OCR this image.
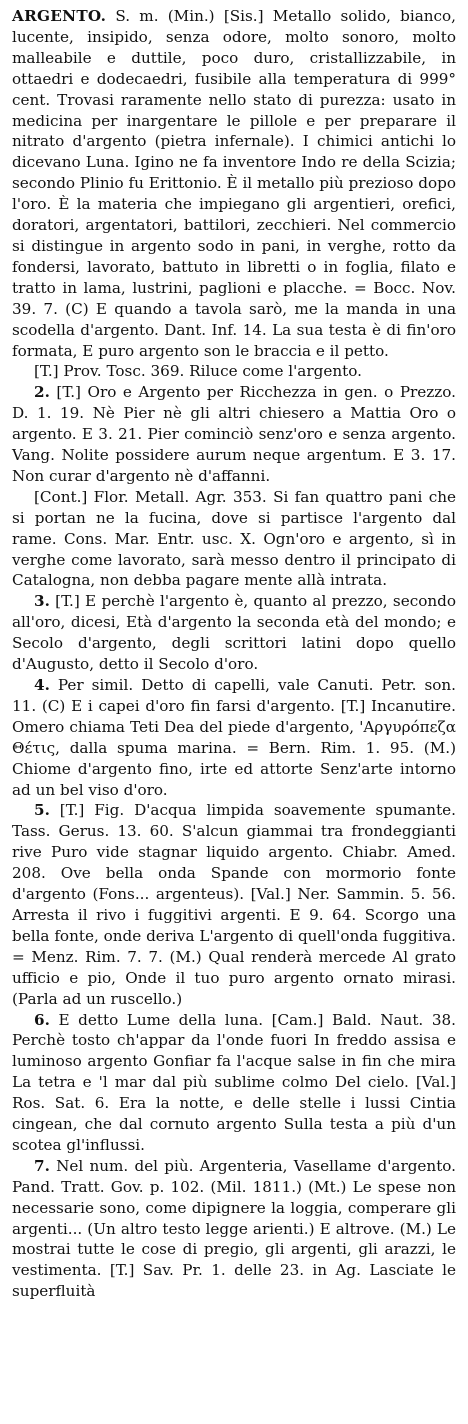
ARGENTO. S. m. (Min.) [Sis.] Metallo solido, bianco, lucente, insipido, senza odore, molto sonoro, molto malleabile e duttile, poco duro, cristallizzabile, in ottaedri e dodecaedri, fusibile alla temperatura di 999° cent. Trovasi raramente nello stato di purezza: usato in medicina per inargentare le pillole e per preparare il nitrato d'argento (pietra infernale). I chimici antichi lo dicevano Luna. Igino ne fa inventore Indo re della Scizia; secondo Plinio fu Erittonio. È il metallo più prezioso dopo l'oro. È la materia che impiegano gli argentieri, orefici, doratori, argentatori, battilori, zecchieri. Nel commercio si distingue in argento sodo in pani, in verghe, rotto da fondersi, lavorato, battuto in libretti o in foglia, filato e tratto in lama, lustrini, paglioni e placche. = Bocc. Nov. 39. 7. (C) E quando a tavola sarò, me la manda in una scodella d'argento. Dant. Inf. 14. La sua testa è di fin'oro formata, E puro argento son le braccia e il petto.

[T.] Prov. Tosc. 369. Riluce come l'argento.

2. [T.] Oro e Argento per Ricchezza in gen. o Prezzo. D. 1. 19. Nè Pier nè gli altri chiesero a Mattia Oro o argento. E 3. 21. Pier cominciò senz'oro e senza argento. Vang. Nolite possidere aurum neque argentum. E 3. 17. Non curar d'argento nè d'affanni.

[Cont.] Flor. Metall. Agr. 353. Si fan quattro pani che si portan ne la fucina, dove si partisce l'argento dal rame. Cons. Mar. Entr. usc. X. Ogn'oro e argento, sì in verghe come lavorato, sarà messo dentro il principato di Catalogna, non debba pagare mente allà intrata.

3. [T.] E perchè l'argento è, quanto al prezzo, secondo all'oro, dicesi, Età d'argento la seconda età del mondo; e Secolo d'argento, degli scrittori latini dopo quello d'Augusto, detto il Secolo d'oro.

4. Per simil. Detto di capelli, vale Canuti. Petr. son. 11. (C) E i capei d'oro fin farsi d'argento. [T.] Incanutire. Omero chiama Teti Dea del piede d'argento, 'Αργυρόπεζα Θέτις, dalla spuma marina. = Bern. Rim. 1. 95. (M.) Chiome d'argento fino, irte ed attorte Senz'arte intorno ad un bel viso d'oro.

5. [T.] Fig. D'acqua limpida soavemente spumante. Tass. Gerus. 13. 60. S'alcun giammai tra frondeggianti rive Puro vide stagnar liquido argento. Chiabr. Amed. 208. Ove bella onda Spande con mormorio fonte d'argento (Fons... argenteus). [Val.] Ner. Sammin. 5. 56. Arresta il rivo i fuggitivi argenti. E 9. 64. Scorgo una bella fonte, onde deriva L'argento di quell'onda fuggitiva. = Menz. Rim. 7. 7. (M.) Qual renderà mercede Al grato ufficio e pio, Onde il tuo puro argento ornato mirasi. (Parla ad un ruscello.)

6. E detto Lume della luna. [Cam.] Bald. Naut. 38. Perchè tosto ch'appar da l'onde fuori In freddo assisa e luminoso argento Gonfiar fa l'acque salse in fin che mira La tetra e 'l mar dal più sublime colmo Del cielo. [Val.] Ros. Sat. 6. Era la notte, e delle stelle i lussi Cintia cingean, che dal cornuto argento Sulla testa a più d'un scotea gl'influssi.

7. Nel num. del più. Argenteria, Vasellame d'argento. Pand. Tratt. Gov. p. 102. (Mil. 1811.) (Mt.) Le spese non necessarie sono, come dipignere la loggia, comperare gli argenti... (Un altro testo legge arienti.) E altrove. (M.) Le mostrai tutte le cose di pregio, gli argenti, gli arazzi, le vestimenta. [T.] Sav. Pr. 1. delle 23. in Ag. Lasciate le superfluità
